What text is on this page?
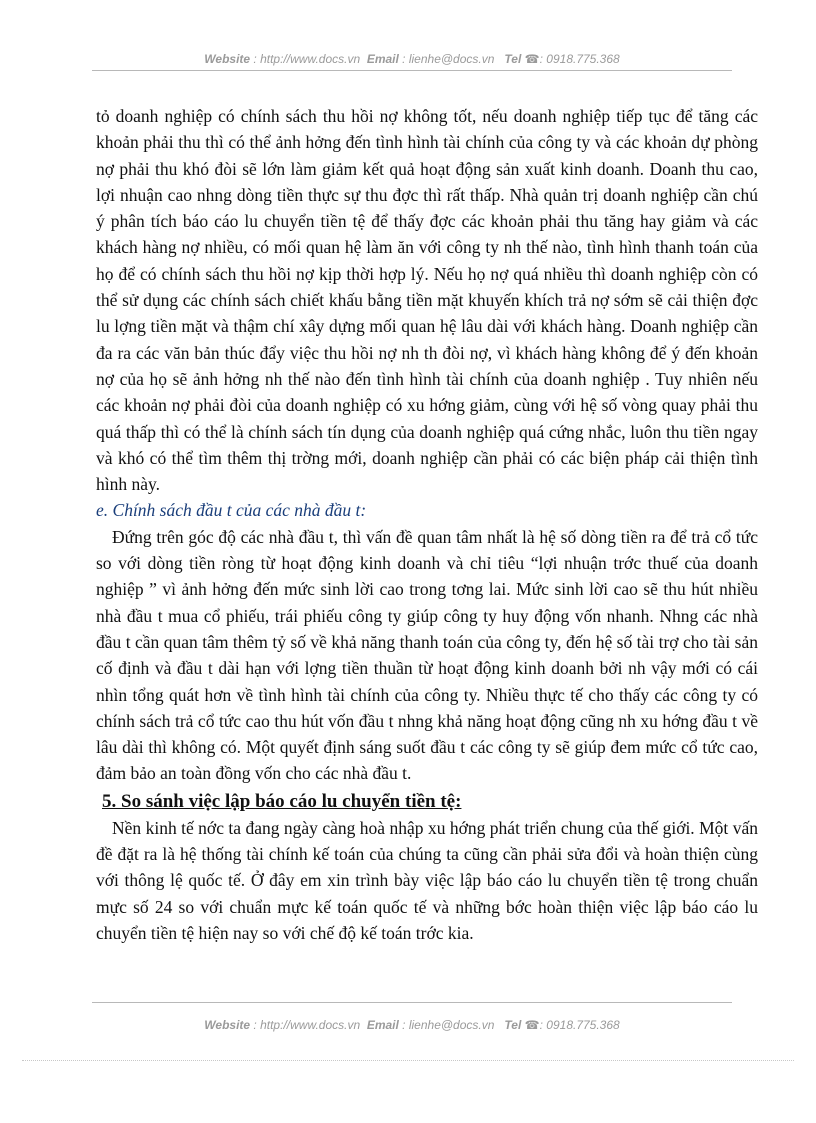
Website : http://www.docs.vn Email : lienhe@docs.vn Tel ☎: 0918.775.368

tỏ doanh nghiệp có chính sách thu hồi nợ không tốt, nếu doanh nghiệp tiếp tục để tăng các khoản phải thu thì có thể ảnh hởng đến tình hình tài chính của công ty và các khoản dự phòng nợ phải thu khó đòi sẽ lớn làm giảm kết quả hoạt động sản xuất kinh doanh. Doanh thu cao, lợi nhuận cao nhng dòng tiền thực sự thu đợc thì rất thấp. Nhà quản trị doanh nghiệp cần chú ý phân tích báo cáo lu chuyển tiền tệ để thấy đợc các khoản phải thu tăng hay giảm và các khách hàng nợ nhiều, có mối quan hệ làm ăn với công ty nh thế nào, tình hình thanh toán của họ để có chính sách thu hồi nợ kịp thời hợp lý. Nếu họ nợ quá nhiều thì doanh nghiệp còn có thể sử dụng các chính sách chiết khấu bằng tiền mặt khuyến khích trả nợ sớm sẽ cải thiện đợc lu lợng tiền mặt và thậm chí xây dựng mối quan hệ lâu dài với khách hàng. Doanh nghiệp cần đa ra các văn bản thúc đẩy việc thu hồi nợ nh th đòi nợ, vì khách hàng không để ý đến khoản nợ của họ sẽ ảnh hởng nh thế nào đến tình hình tài chính của doanh nghiệp . Tuy nhiên nếu các khoản nợ phải đòi của doanh nghiệp có xu hớng giảm, cùng với hệ số vòng quay phải thu quá thấp thì có thể là chính sách tín dụng của doanh nghiệp quá cứng nhắc, luôn thu tiền ngay và khó có thể tìm thêm thị trờng mới, doanh nghiệp cần phải có các biện pháp cải thiện tình hình này.

e. Chính sách đầu t của các nhà đầu t:

Đứng trên góc độ các nhà đầu t, thì vấn đề quan tâm nhất là hệ số dòng tiền ra để trả cổ tức so với dòng tiền ròng từ hoạt động kinh doanh và chỉ tiêu “lợi nhuận trớc thuế của doanh nghiệp ” vì ảnh hởng đến mức sinh lời cao trong tơng lai. Mức sinh lời cao sẽ thu hút nhiều nhà đầu t mua cổ phiếu, trái phiếu công ty giúp công ty huy động vốn nhanh. Nhng các nhà đầu t cần quan tâm thêm tỷ số về khả năng thanh toán của công ty, đến hệ số tài trợ cho tài sản cố định và đầu t dài hạn với lợng tiền thuần từ hoạt động kinh doanh bởi nh vậy mới có cái nhìn tổng quát hơn về tình hình tài chính của công ty. Nhiều thực tế cho thấy các công ty có chính sách trả cổ tức cao thu hút vốn đầu t nhng khả năng hoạt động cũng nh xu hớng đầu t về lâu dài thì không có. Một quyết định sáng suốt đầu t các công ty sẽ giúp đem mức cổ tức cao, đảm bảo an toàn đồng vốn cho các nhà đầu t.

5. So sánh việc lập báo cáo lu chuyển tiền tệ:

Nền kinh tế nớc ta đang ngày càng hoà nhập xu hớng phát triển chung của thế giới. Một vấn đề đặt ra là hệ thống tài chính kế toán của chúng ta cũng cần phải sửa đổi và hoàn thiện cùng với thông lệ quốc tế. Ở đây em xin trình bày việc lập báo cáo lu chuyển tiền tệ trong chuẩn mực số 24 so với chuẩn mực kế toán quốc tế và những bớc hoàn thiện việc lập báo cáo lu chuyển tiền tệ hiện nay so với chế độ kế toán trớc kia.

Website : http://www.docs.vn Email : lienhe@docs.vn Tel ☎: 0918.775.368
